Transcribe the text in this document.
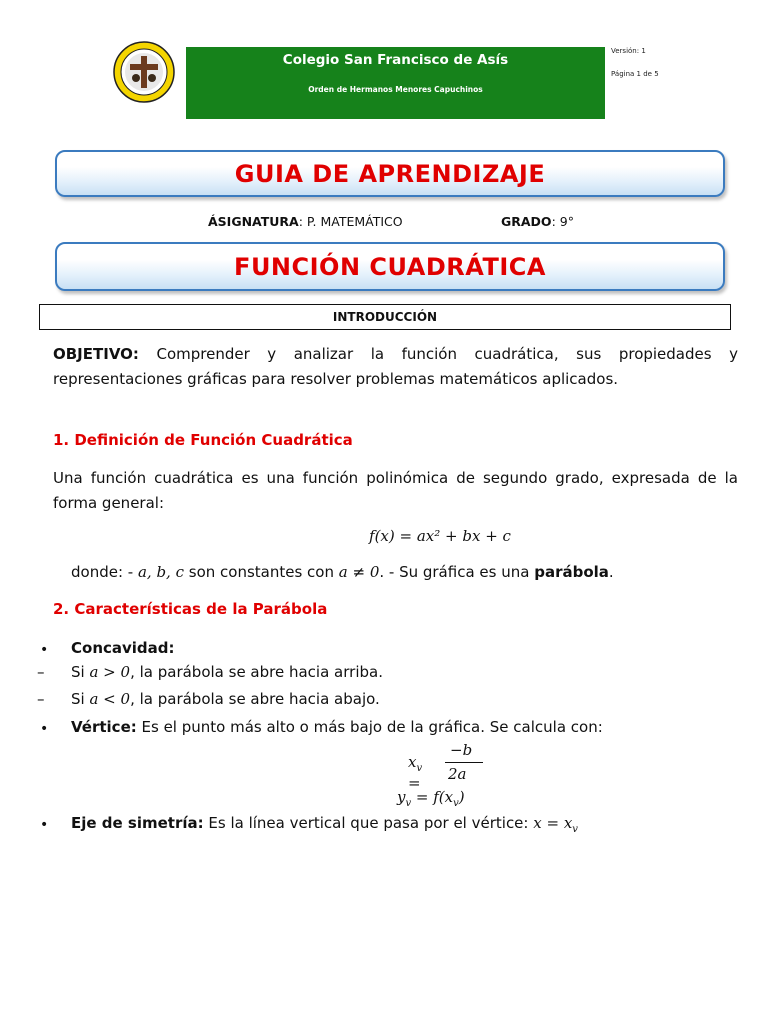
Colegio San Francisco de Asís
Orden de Hermanos Menores Capuchinos
Versión: 1
Página 1 de 5
GUIA DE APRENDIZAJE
ÁSIGNATURA: P. MATEMÁTICO	GRADO: 9°
FUNCIÓN CUADRÁTICA
INTRODUCCIÓN
OBJETIVO: Comprender y analizar la función cuadrática, sus propiedades y representaciones gráficas para resolver problemas matemáticos aplicados.
1. Definición de Función Cuadrática
Una función cuadrática es una función polinómica de segundo grado, expresada de la forma general:
f(x) = ax² + bx + c
donde: - a, b, c son constantes con a ≠ 0. - Su gráfica es una parábola.
2. Características de la Parábola
• Concavidad:
– Si a > 0, la parábola se abre hacia arriba.
– Si a < 0, la parábola se abre hacia abajo.
• Vértice: Es el punto más alto o más bajo de la gráfica. Se calcula con:
$x_v$ =
−b
2a
$y_v = f(x_v)$
• Eje de simetría: Es la línea vertical que pasa por el vértice: $x = x_v$
